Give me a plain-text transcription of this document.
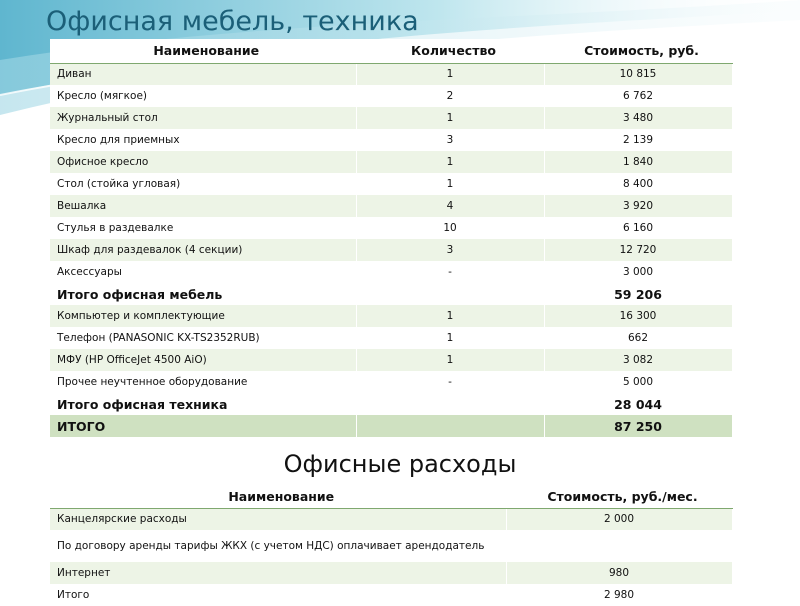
Офисная мебель, техника
Наименование	Количество	Стоимость, руб.
Диван	1	10 815
Кресло (мягкое)	2	6 762
Журнальный стол	1	3 480
Кресло для приемных	3	2 139
Офисное кресло	1	1 840
Стол (стойка угловая)	1	8 400
Вешалка	4	3 920
Стулья в раздевалке	10	6 160
Шкаф для раздевалок (4 секции)	3	12 720
Аксессуары	-	3 000
Итого офисная мебель		59 206
Компьютер и комплектующие	1	16 300
Телефон (PANASONIC KX-TS2352RUB)	1	662
МФУ (HP OfficeJet 4500 AiO)	1	3 082
Прочее неучтенное оборудование	-	5 000
Итого офисная техника		28 044
ИТОГО		87 250
Офисные расходы
Наименование	Стоимость, руб./мес.
Канцелярские расходы	2 000
По договору аренды тарифы ЖКХ (с учетом НДС) оплачивает арендодатель	
Интернет	980
Итого	2 980
